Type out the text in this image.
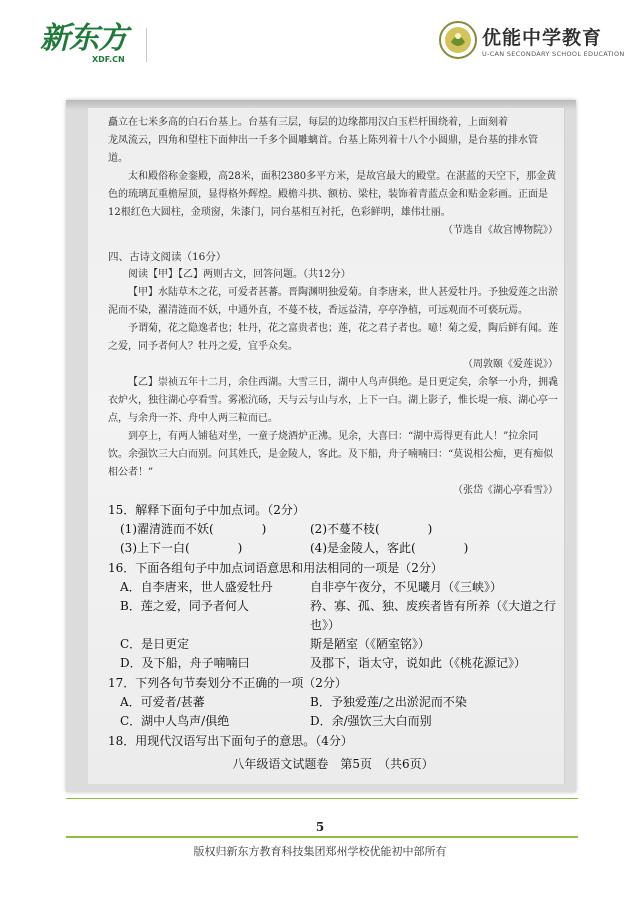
新东方
XDF.CN
优能中学教育
U-CAN SECONDARY SCHOOL EDUCATION

矗立在七米多高的白石台基上。台基有三层，每层的边缘都用汉白玉栏杆围绕着，上面刻着

龙凤流云，四角和望柱下面伸出一千多个圆雕螭首。台基上陈列着十八个小圆鼎，是台基的排水管

道。

太和殿俗称金銮殿，高28米，面积2380多平方米，是故宫最大的殿堂。在湛蓝的天空下，那金黄色的琉璃瓦重檐屋顶，显得格外辉煌。殿檐斗拱、额枋、梁柱，装饰着青蓝点金和贴金彩画。正面是12根红色大圆柱，金琐窗，朱漆门，同台基相互衬托，色彩鲜明，雄伟壮丽。

（节选自《故宫博物院》）

四、古诗文阅读（16分）

阅读【甲】【乙】两则古文，回答问题。（共12分）

【甲】水陆草木之花，可爱者甚蕃。晋陶渊明独爱菊。自李唐来，世人甚爱牡丹。予独爱莲之出淤泥而不染，濯清涟而不妖，中通外直，不蔓不枝，香远益清，亭亭净植，可远观而不可亵玩焉。

予谓菊，花之隐逸者也；牡丹，花之富贵者也；莲，花之君子者也。噫！菊之爱，陶后鲜有闻。莲之爱，同予者何人？牡丹之爱，宜乎众矣。

（周敦颐《爱莲说》）

【乙】崇祯五年十二月，余住西湖。大雪三日，湖中人鸟声俱绝。是日更定矣，余拏一小舟，拥毳衣炉火，独往湖心亭看雪。雾凇沆砀，天与云与山与水，上下一白。湖上影子，惟长堤一痕、湖心亭一点，与余舟一芥、舟中人两三粒而已。

到亭上，有两人铺毡对坐，一童子烧酒炉正沸。见余，大喜曰：“湖中焉得更有此人！”拉余同饮。余强饮三大白而别。问其姓氏，是金陵人，客此。及下船，舟子喃喃曰：“莫说相公痴，更有痴似相公者！”

（张岱《湖心亭看雪》）

15．解释下面句子中加点词。（2分）

(1)濯清涟而不妖(　　　　)	(2)不蔓不枝(　　　　)
(3)上下一白(　　　　)	(4)是金陵人，客此(　　　　)

16．下面各组句子中加点词语意思和用法相同的一项是（2分）

A．自李唐来，世人盛爱牡丹	自非亭午夜分，不见曦月（《三峡》）
B．莲之爱，同予者何人	矜、寡、孤、独、废疾者皆有所养（《大道之行也》）
C．是日更定	斯是陋室（《陋室铭》）
D．及下船，舟子喃喃曰	及郡下，诣太守，说如此（《桃花源记》）

17．下列各句节奏划分不正确的一项（2分）

A．可爱者/甚蕃	B．予独爱莲/之出淤泥而不染
C．湖中人鸟声/俱绝	D．余/强饮三大白而别

18．用现代汉语写出下面句子的意思。（4分）

八年级语文试题卷　第5页　（共6页）

5
版权归新东方教育科技集团郑州学校优能初中部所有
